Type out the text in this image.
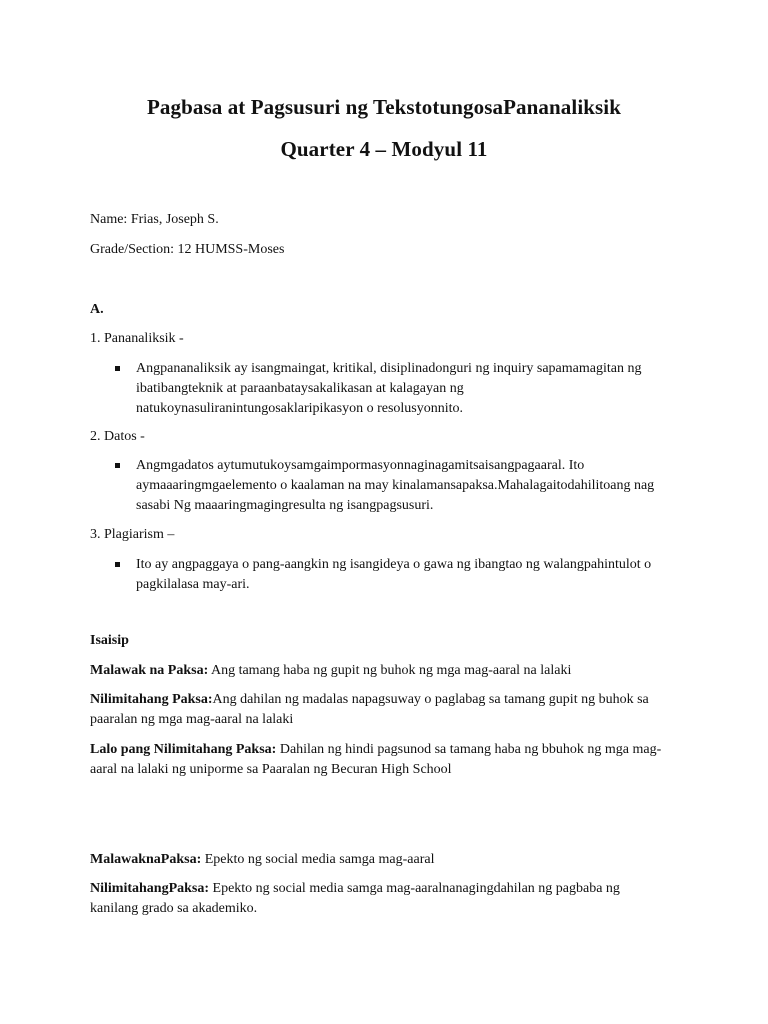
Pagbasa at Pagsusuri ng TekstotungosaPananaliksik
Quarter 4 – Modyul 11
Name: Frias, Joseph S.
Grade/Section: 12 HUMSS-Moses
A.
1. Pananaliksik -
Angpananaliksik ay isangmaingat, kritikal, disiplinadonguri ng inquiry sapamamagitan ng ibatibangteknik at paraanbataysakalikasan at kalagayan ng natukoynasuliranintungosaklaripikasyon o resolusyonnito.
2. Datos -
Angmgadatos aytumutukoysamgaimpormasyonnaginagamitsaisangpagaaral. Ito aymaaaringmgaelemento o kaalaman na may kinalamansapaksa.Mahalagaitodahilitoang nag sasabi Ng maaaringmagingresulta ng isangpagsusuri.
3. Plagiarism –
Ito ay angpaggaya o pang-aangkin ng isangideya o gawa ng ibangtao ng walangpahintulot o pagkilalasa may-ari.
Isaisip
Malawak na Paksa: Ang tamang haba ng gupit ng buhok ng mga mag-aaral na lalaki
Nilimitahang Paksa:Ang dahilan ng madalas napagsuway o paglabag sa tamang gupit ng buhok sa paaralan ng mga mag-aaral na lalaki
Lalo pang Nilimitahang Paksa: Dahilan ng hindi pagsunod sa tamang haba ng bbuhok ng mga mag-aaral na lalaki ng uniporme sa Paaralan ng Becuran High School
MalawaknaPaksa: Epekto ng social media samga mag-aaral
NilimitahangPaksa: Epekto ng social media samga mag-aaralnanagingdahilan ng pagbaba ng kanilang grado sa akademiko.
